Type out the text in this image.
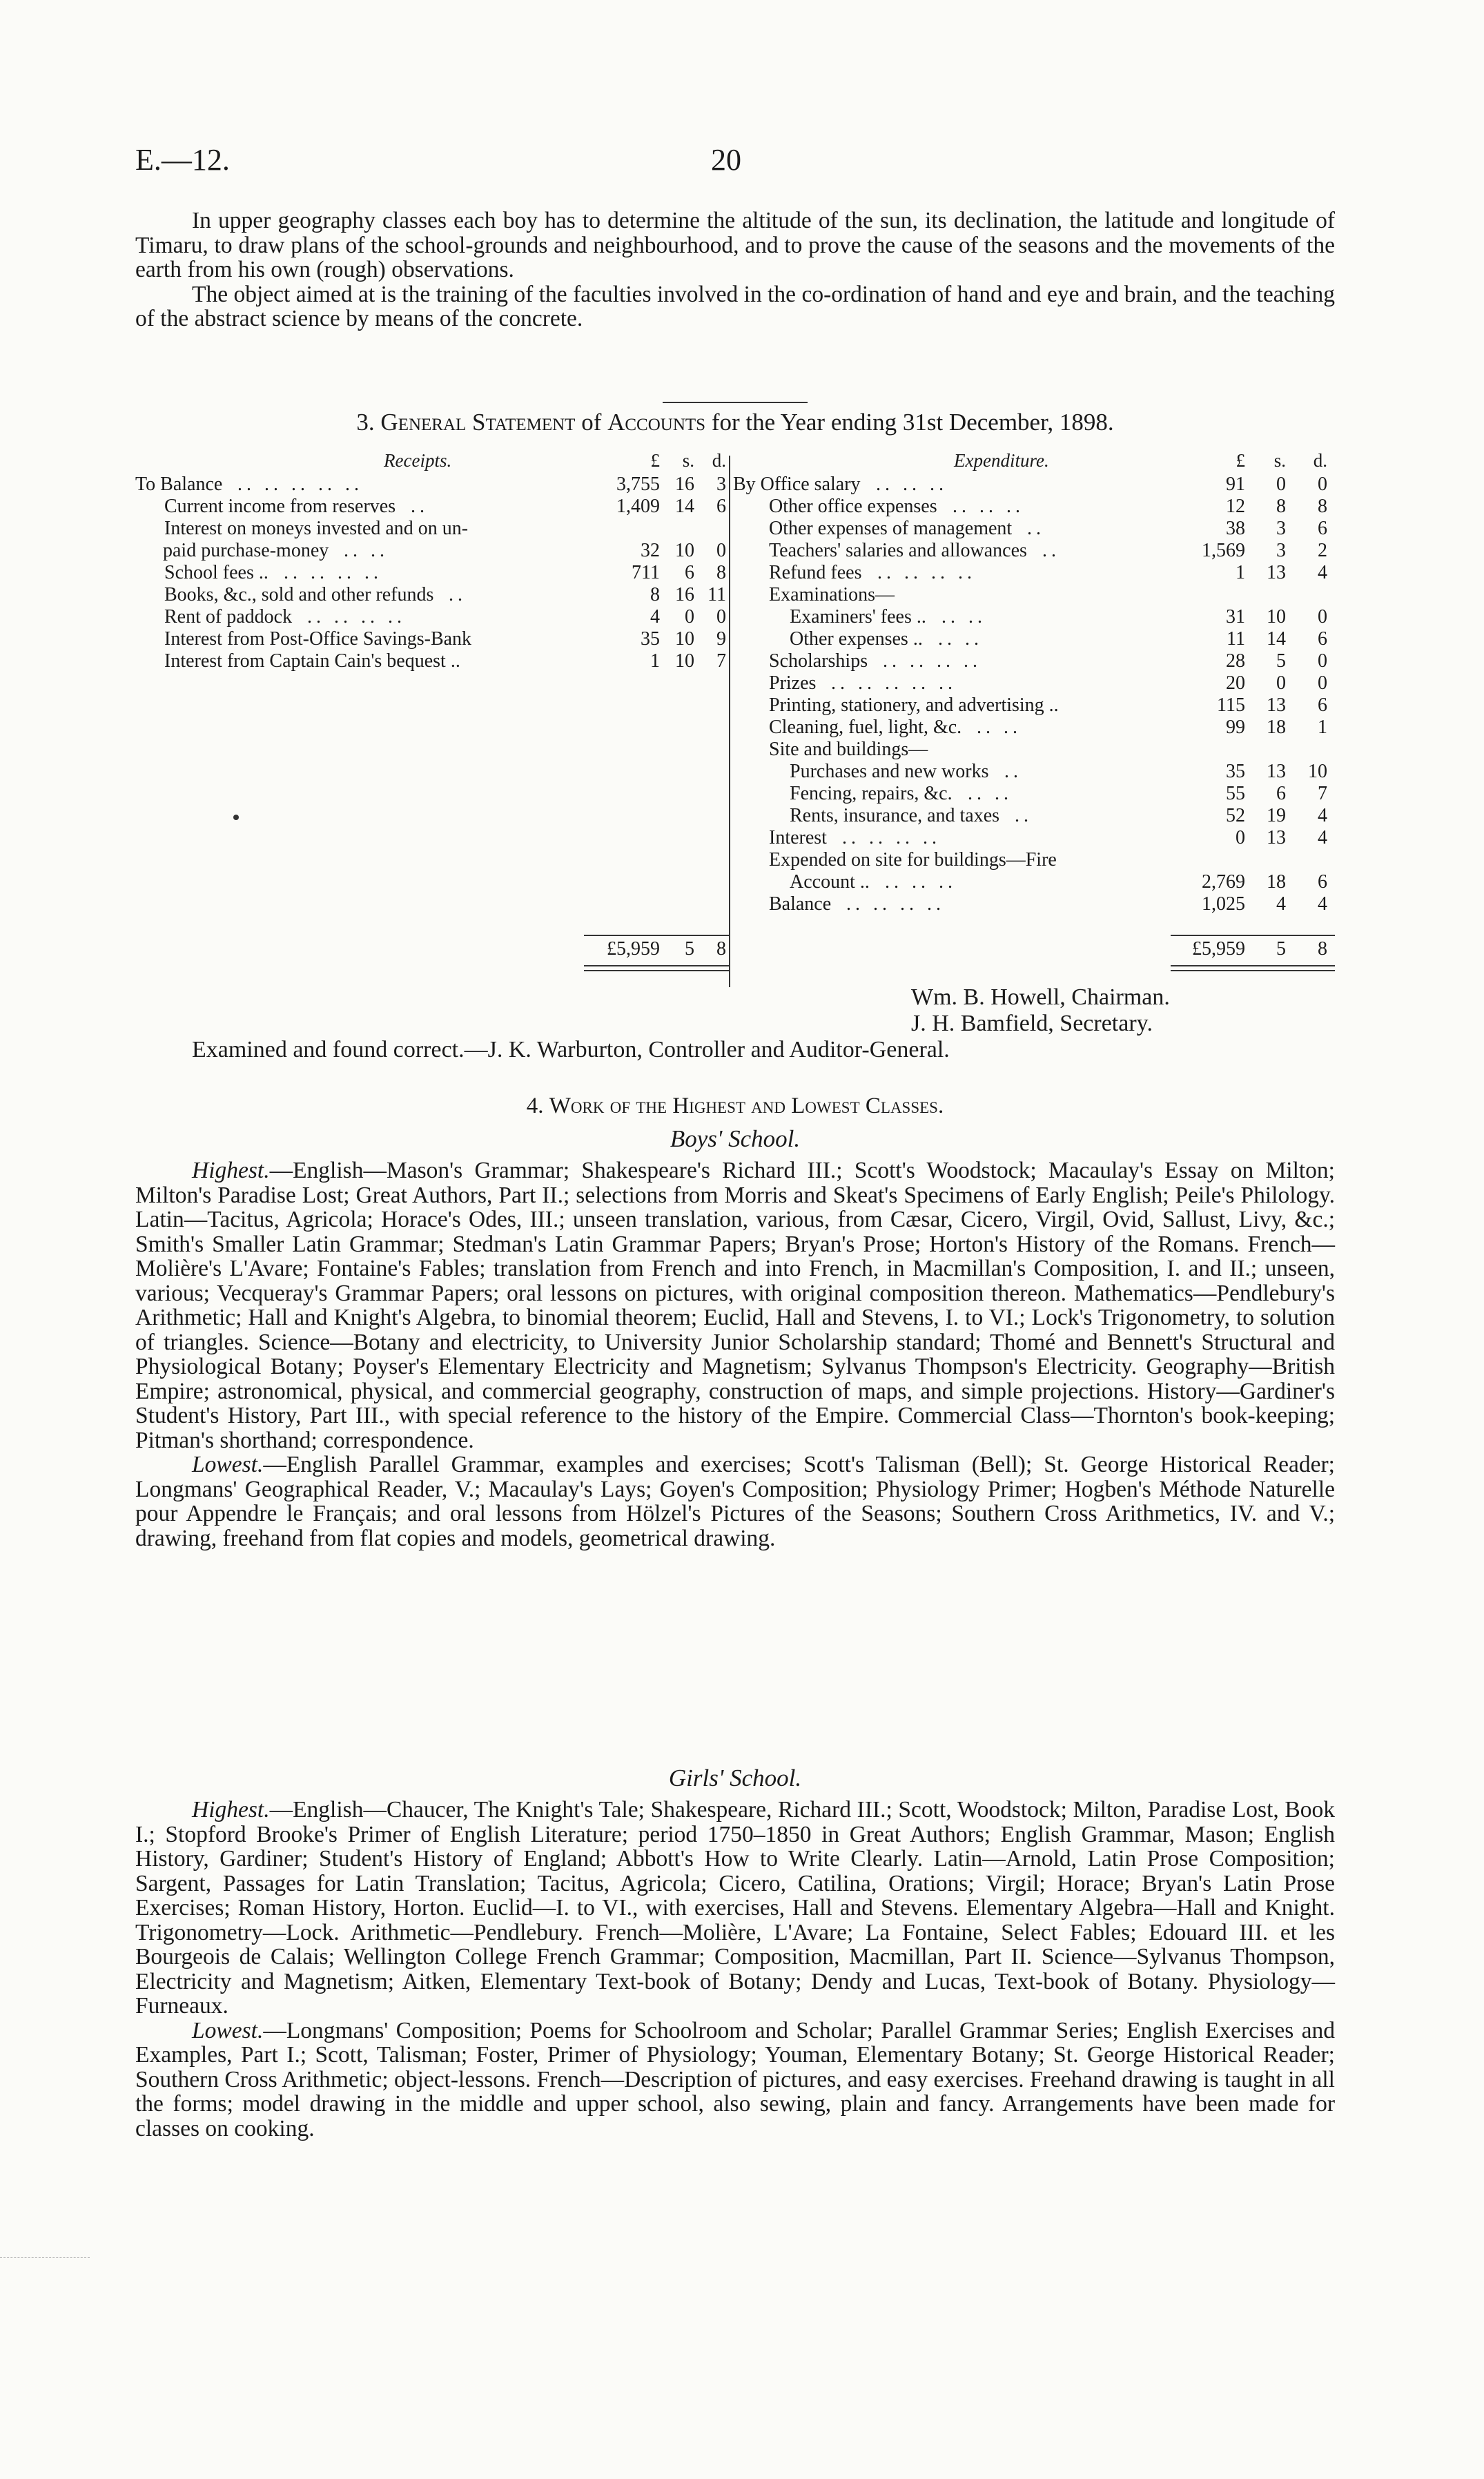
E.—12.	20

In upper geography classes each boy has to determine the altitude of the sun, its declination, the latitude and longitude of Timaru, to draw plans of the school-grounds and neighbourhood, and to prove the cause of the seasons and the movements of the earth from his own (rough) observations.

The object aimed at is the training of the faculties involved in the co-ordination of hand and eye and brain, and the teaching of the abstract science by means of the concrete.

3. General Statement of Accounts for the Year ending 31st December, 1898.
Receipts.	£	s. d.
To Balance .. .. .. .. ..	3,755 16	3
Current income from reserves ..	1,409 14	6
Interest on moneys invested and on un-
paid purchase-money .. ..	32 10	0
School fees .. .. .. .. ..	711	6	8
Books, &c., sold and other refunds ..	8 16 11
Rent of paddock .. .. .. ..	4	0	0
Interest from Post-Office Savings-Bank	35 10	9
Interest from Captain Cain's bequest ..	1 10	7
Expenditure.	£	s.	d.
By Office salary .. .. ..	91	0	0
Other office expenses .. .. ..	12	8	8
Other expenses of management ..	38	3	6
Teachers' salaries and allowances ..	1,569	3	2
Refund fees .. .. .. ..	1	13	4
Examinations—
Examiners' fees .. .. ..	31	10	0
Other expenses .. .. ..	11	14	6
Scholarships .. .. .. ..	28	5	0
Prizes .. .. .. .. ..	20	0	0
Printing, stationery, and advertising ..	115	13	6
Cleaning, fuel, light, &c. .. ..	99	18	1
Site and buildings—
Purchases and new works ..	35	13	10
Fencing, repairs, &c. .. ..	55	6	7
Rents, insurance, and taxes ..	52	19	4
Interest .. .. .. ..	0	13	4
Expended on site for buildings—Fire
Account .. .. .. ..	2,769	18	6
Balance .. .. .. ..	1,025	4	4
£5,959	5	8	£5,959	5	8
Wm. B. Howell, Chairman.
J. H. Bamfield, Secretary.
Examined and found correct.—J. K. Warburton, Controller and Auditor-General.
4. Work of the Highest and Lowest Classes.
Boys' School.

Highest.—English—Mason's Grammar; Shakespeare's Richard III.; Scott's Woodstock; Macaulay's Essay on Milton; Milton's Paradise Lost; Great Authors, Part II.; selections from Morris and Skeat's Specimens of Early English; Peile's Philology. Latin—Tacitus, Agricola; Horace's Odes, III.; unseen translation, various, from Cæsar, Cicero, Virgil, Ovid, Sallust, Livy, &c.; Smith's Smaller Latin Grammar; Stedman's Latin Grammar Papers; Bryan's Prose; Horton's History of the Romans. French—Molière's L'Avare; Fontaine's Fables; translation from French and into French, in Macmillan's Composition, I. and II.; unseen, various; Vecqueray's Grammar Papers; oral lessons on pictures, with original composition thereon. Mathematics—Pendlebury's Arithmetic; Hall and Knight's Algebra, to binomial theorem; Euclid, Hall and Stevens, I. to VI.; Lock's Trigonometry, to solution of triangles. Science—Botany and electricity, to University Junior Scholarship standard; Thomé and Bennett's Structural and Physiological Botany; Poyser's Elementary Electricity and Magnetism; Sylvanus Thompson's Electricity. Geography—British Empire; astronomical, physical, and commercial geography, construction of maps, and simple projections. History—Gardiner's Student's History, Part III., with special reference to the history of the Empire. Commercial Class—Thornton's book-keeping; Pitman's shorthand; correspondence.

Lowest.—English Parallel Grammar, examples and exercises; Scott's Talisman (Bell); St. George Historical Reader; Longmans' Geographical Reader, V.; Macaulay's Lays; Goyen's Composition; Physiology Primer; Hogben's Méthode Naturelle pour Appendre le Français; and oral lessons from Hölzel's Pictures of the Seasons; Southern Cross Arithmetics, IV. and V.; drawing, freehand from flat copies and models, geometrical drawing.

Girls' School.

Highest.—English—Chaucer, The Knight's Tale; Shakespeare, Richard III.; Scott, Woodstock; Milton, Paradise Lost, Book I.; Stopford Brooke's Primer of English Literature; period 1750–1850 in Great Authors; English Grammar, Mason; English History, Gardiner; Student's History of England; Abbott's How to Write Clearly. Latin—Arnold, Latin Prose Composition; Sargent, Passages for Latin Translation; Tacitus, Agricola; Cicero, Catilina, Orations; Virgil; Horace; Bryan's Latin Prose Exercises; Roman History, Horton. Euclid—I. to VI., with exercises, Hall and Stevens. Elementary Algebra—Hall and Knight. Trigonometry—Lock. Arithmetic—Pendlebury. French—Molière, L'Avare; La Fontaine, Select Fables; Edouard III. et les Bourgeois de Calais; Wellington College French Grammar; Composition, Macmillan, Part II. Science—Sylvanus Thompson, Electricity and Magnetism; Aitken, Elementary Text-book of Botany; Dendy and Lucas, Text-book of Botany. Physiology—Furneaux.

Lowest.—Longmans' Composition; Poems for Schoolroom and Scholar; Parallel Grammar Series; English Exercises and Examples, Part I.; Scott, Talisman; Foster, Primer of Physiology; Youman, Elementary Botany; St. George Historical Reader; Southern Cross Arithmetic; object-lessons. French—Description of pictures, and easy exercises. Freehand drawing is taught in all the forms; model drawing in the middle and upper school, also sewing, plain and fancy. Arrangements have been made for classes on cooking.
